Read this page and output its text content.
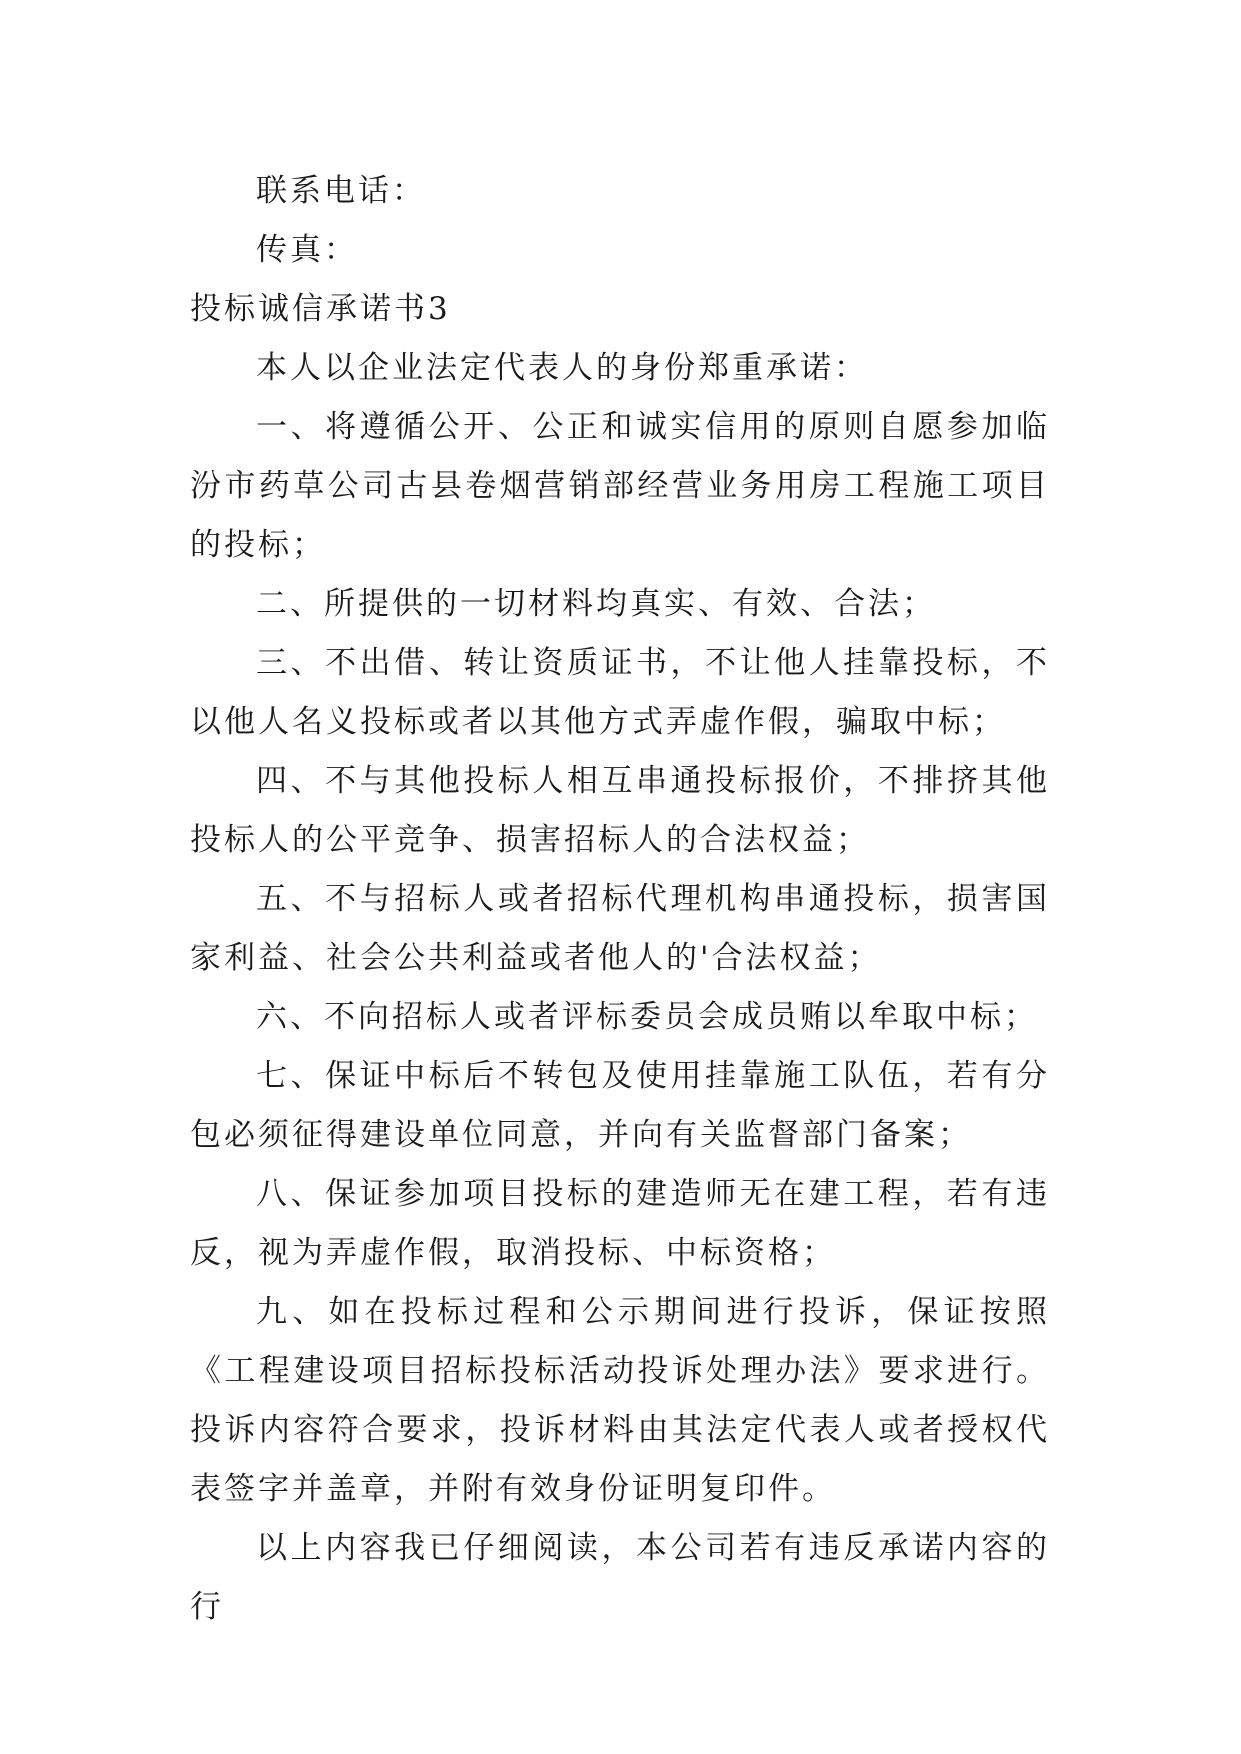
联系电话：

传真：

投标诚信承诺书3

本人以企业法定代表人的身份郑重承诺：

一、将遵循公开、公正和诚实信用的原则自愿参加临汾市药草公司古县卷烟营销部经营业务用房工程施工项目的投标；

二、所提供的一切材料均真实、有效、合法；

三、不出借、转让资质证书，不让他人挂靠投标，不以他人名义投标或者以其他方式弄虚作假，骗取中标；

四、不与其他投标人相互串通投标报价，不排挤其他投标人的公平竞争、损害招标人的合法权益；

五、不与招标人或者招标代理机构串通投标，损害国家利益、社会公共利益或者他人的'合法权益；

六、不向招标人或者评标委员会成员贿以牟取中标；

七、保证中标后不转包及使用挂靠施工队伍，若有分包必须征得建设单位同意，并向有关监督部门备案；

八、保证参加项目投标的建造师无在建工程，若有违反，视为弄虚作假，取消投标、中标资格；

九、如在投标过程和公示期间进行投诉，保证按照《工程建设项目招标投标活动投诉处理办法》要求进行。投诉内容符合要求，投诉材料由其法定代表人或者授权代表签字并盖章，并附有效身份证明复印件。

以上内容我已仔细阅读，本公司若有违反承诺内容的行
